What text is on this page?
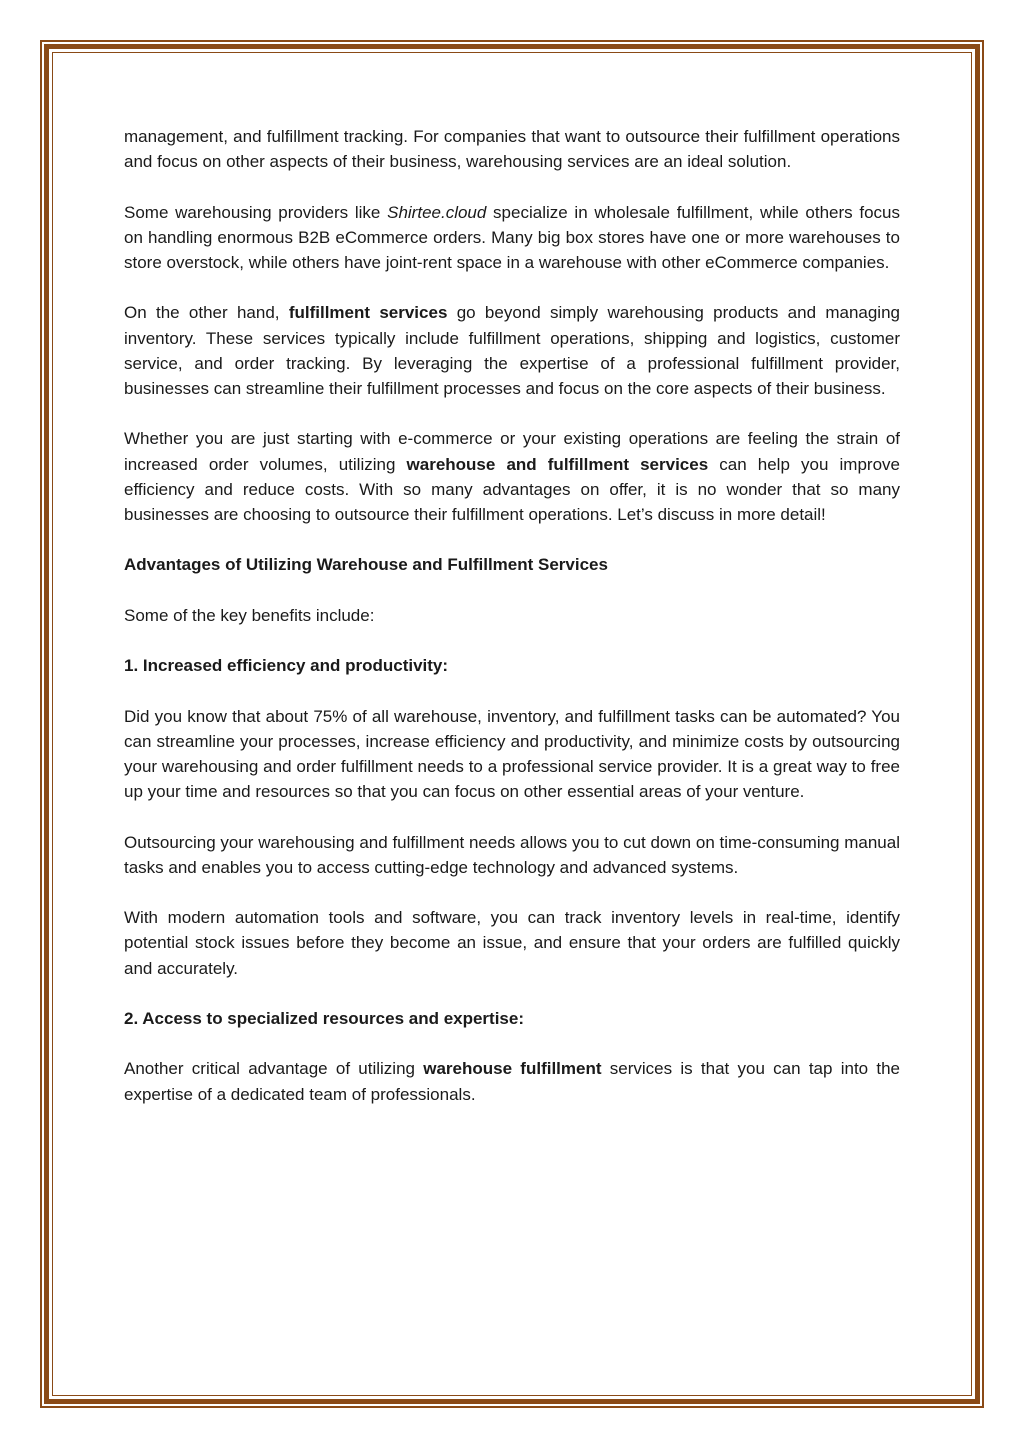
management, and fulfillment tracking. For companies that want to outsource their fulfillment operations and focus on other aspects of their business, warehousing services are an ideal solution.

Some warehousing providers like Shirtee.cloud specialize in wholesale fulfillment, while others focus on handling enormous B2B eCommerce orders. Many big box stores have one or more warehouses to store overstock, while others have joint-rent space in a warehouse with other eCommerce companies.

On the other hand, fulfillment services go beyond simply warehousing products and managing inventory. These services typically include fulfillment operations, shipping and logistics, customer service, and order tracking. By leveraging the expertise of a professional fulfillment provider, businesses can streamline their fulfillment processes and focus on the core aspects of their business.

Whether you are just starting with e-commerce or your existing operations are feeling the strain of increased order volumes, utilizing warehouse and fulfillment services can help you improve efficiency and reduce costs. With so many advantages on offer, it is no wonder that so many businesses are choosing to outsource their fulfillment operations. Let’s discuss in more detail!

Advantages of Utilizing Warehouse and Fulfillment Services

Some of the key benefits include:

1. Increased efficiency and productivity:

Did you know that about 75% of all warehouse, inventory, and fulfillment tasks can be automated? You can streamline your processes, increase efficiency and productivity, and minimize costs by outsourcing your warehousing and order fulfillment needs to a professional service provider. It is a great way to free up your time and resources so that you can focus on other essential areas of your venture.

Outsourcing your warehousing and fulfillment needs allows you to cut down on time-consuming manual tasks and enables you to access cutting-edge technology and advanced systems.

With modern automation tools and software, you can track inventory levels in real-time, identify potential stock issues before they become an issue, and ensure that your orders are fulfilled quickly and accurately.

2. Access to specialized resources and expertise:

Another critical advantage of utilizing warehouse fulfillment services is that you can tap into the expertise of a dedicated team of professionals.
